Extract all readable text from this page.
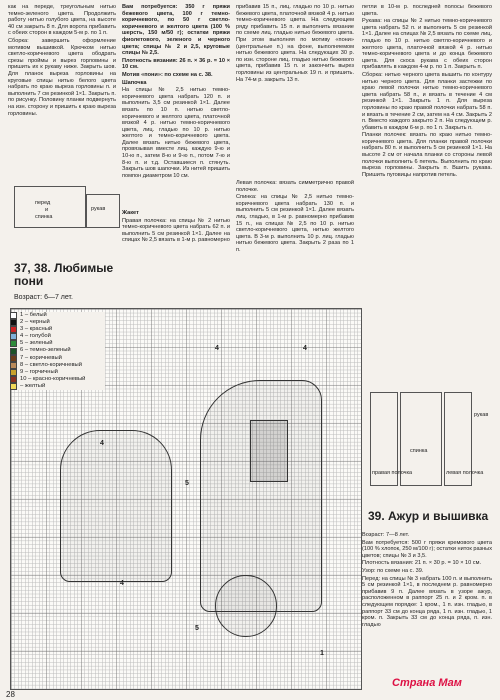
как на переде, треугольным нитью темно-зеленого цвета. Продолжить работу нитью голубого цвета, на высоте 40 см закрыть 8 п. Для ворота прибавить с обеих сторон в каждом 5-м р. по 1 п.

Сборка: завершить оформление мотивом вышивкой. Крючком нитью светло-коричневого цвета ободрать срезы проймы и вырез горловины и пришить их к рукаву ниже. Закрыть шов. Для планок выреза горловины на круговые спицы нитью белого цвета набрать по краю выреза горловины п. и выполнить 7 см резинкой 1×1. Закрыть п. по рисунку. Половину планки подвернуть на изн. сторону и пришить к краю выреза горловины.

перед
и
спинка
рукав

Вам потребуется: 350 г пряжи бежевого цвета, 100 г темно-коричневого, по 50 г светло-коричневого и желтого цвета (100 % шерсть, 150 м/50 г); остатки пряжи фиолетового, зеленого и черного цвета; спицы № 2 и 2,5, круговые спицы № 2,5.

Плотность вязания: 26 п. × 36 р. = 10 × 10 см.

Мотив «пони»: по схеме на с. 38.

Шапочка

На спицы № 2,5 нитью темно-коричневого цвета набрать 120 п. и выполнить 3,5 см резинкой 1×1. Далее вязать по 10 п. нитью светло-коричневого и желтого цвета, платочной вязкой 4 р. нитью темно-коричневого цвета, лиц. гладью по 10 р. нитью желтого и темно-коричневого цвета. Далее вязать нитью бежевого цвета, провязывая вместе лиц. каждую 9-ю и 10-ю п., затем 8-ю и 9-ю п., потом 7-ю и 8-ю п. и т.д. Оставшиеся п. стянуть. Закрыть шов шапочки. Из нитей пришить помпон диаметром 10 см.

прибавив 15 п., лиц. гладью по 10 р. нитью бежевого цвета, платочной вязкой 4 р. нитью темно-коричневого цвета. На следующем ряду прибавить 15 п. и выполнить вязание по схеме лиц. гладью нитью бежевого цвета. При этом выполняя по мотиву «пони» (центральные п.) на фоне, выполняемом нитью бежевого цвета. На следующих 30 р. по изн. стороне лиц. гладью нитью бежевого цвета, прибавив 15 п. и закончить вырез горловины из центральных 19 п. и пришить. На 74-м р. закрыть 13 п.

петли в 10-м р. последней полосы бежевого цвета.

Рукава: на спицы № 2 нитью темно-коричневого цвета набрать 52 п. и выполнить 5 см резинкой 1×1. Далее на спицах № 2,5 вязать по схеме лиц. гладью по 10 р. нитью светло-коричневого и желтого цвета, платочной вязкой 4 р. нитью темно-коричневого цвета и до конца бежевого цвета. Для скоса рукава с обеих сторон прибавлять в каждом 4-м р. по 1 п. Закрыть п.

Сборка: нитью черного цвета вышить по контуру нитью черного цвета. Для планки застежки по краю левой полочки нитью темно-коричневого цвета набрать 58 п., и вязать в течение 4 см резинкой 1×1. Закрыть 1 п. Для выреза горловины по краю правой полочки набрать 58 п. и вязать в течение 2 см, затем на 4 см. Закрыть 2 п. Вместо каждого закрыто 2 п. На следующем р. убавить в каждом 6-м р. по 1 п. Закрыть п.

Планки полочек: вязать по краю нитью темно-коричневого цвета. Для планки правой полочки набрать 80 п. и выполнить 5 см резинкой 1×1. На высоте 2 см от начала планки со стороны левой полочки выполнить 6 петель. Выполнить по краю выреза горловины. Закрыть п. Вшить рукава. Пришить пуговицы напротив петель.

37, 38. Любимые
пони
Возраст: 6—7 лет.

Жакет

Правая полочка: на спицы № 2 нитью темно-коричневого цвета набрать 62 п. и выполнить 5 см резинкой 1×1. Далее на спицах № 2,5 вязать в 1-м р. равномерно

Левая полочка: вязать симметрично правой полочке.

Спинка: на спицы № 2,5 нитью темно-коричневого цвета набрать 130 п. и выполнить 5 см резинкой 1×1. Далее вязать лиц. гладью, в 1-м р. равномерно прибавив 15 п., на спицах № 2,5 по 10 р. нитью светло-коричневого цвета, нитью желтого цвета. В 3-м р. выполнить 10 р. лиц. гладью нитью бежевого цвета. Закрыть 2 раза по 1 п.

4	4
4
5
4
5
1
1 – белый
2 – черный
3 – красный
4 – голубой
5 – зеленый
6 – темно-зеленый
7 – коричневый
8 – светло-коричневый
9 – горчичный
10 – красно-коричневый
– желтый
правая полочка
спинка
левая полочка
рукав
39. Ажур и вышивка

Возраст: 7—8 лет.

Вам потребуется: 500 г пряжи кремового цвета (100 % хлопок, 250 м/100 г); остатки ниток разных цветов; спицы № 3 и 3,5.

Плотность вязания: 21 п. × 30 р. = 10 × 10 см.

Узор: по схеме на с. 39.

Перед: на спицы № 3 набрать 100 п. и выполнить 5 см резинкой 1×1, в последнем р. равномерно прибавив 9 п. Далее вязать в узоре ажур, расположенном в раппорт 25 п. и 2 кром. п. в следующем порядке: 1 кром., 1 п. изн. гладью, в раппорт 33 см до конца ряда, 1 п. изн. гладью, 1 кром. п. Закрыть 33 см до конца ряда, п. изн. гладью

28
Страна Мам
